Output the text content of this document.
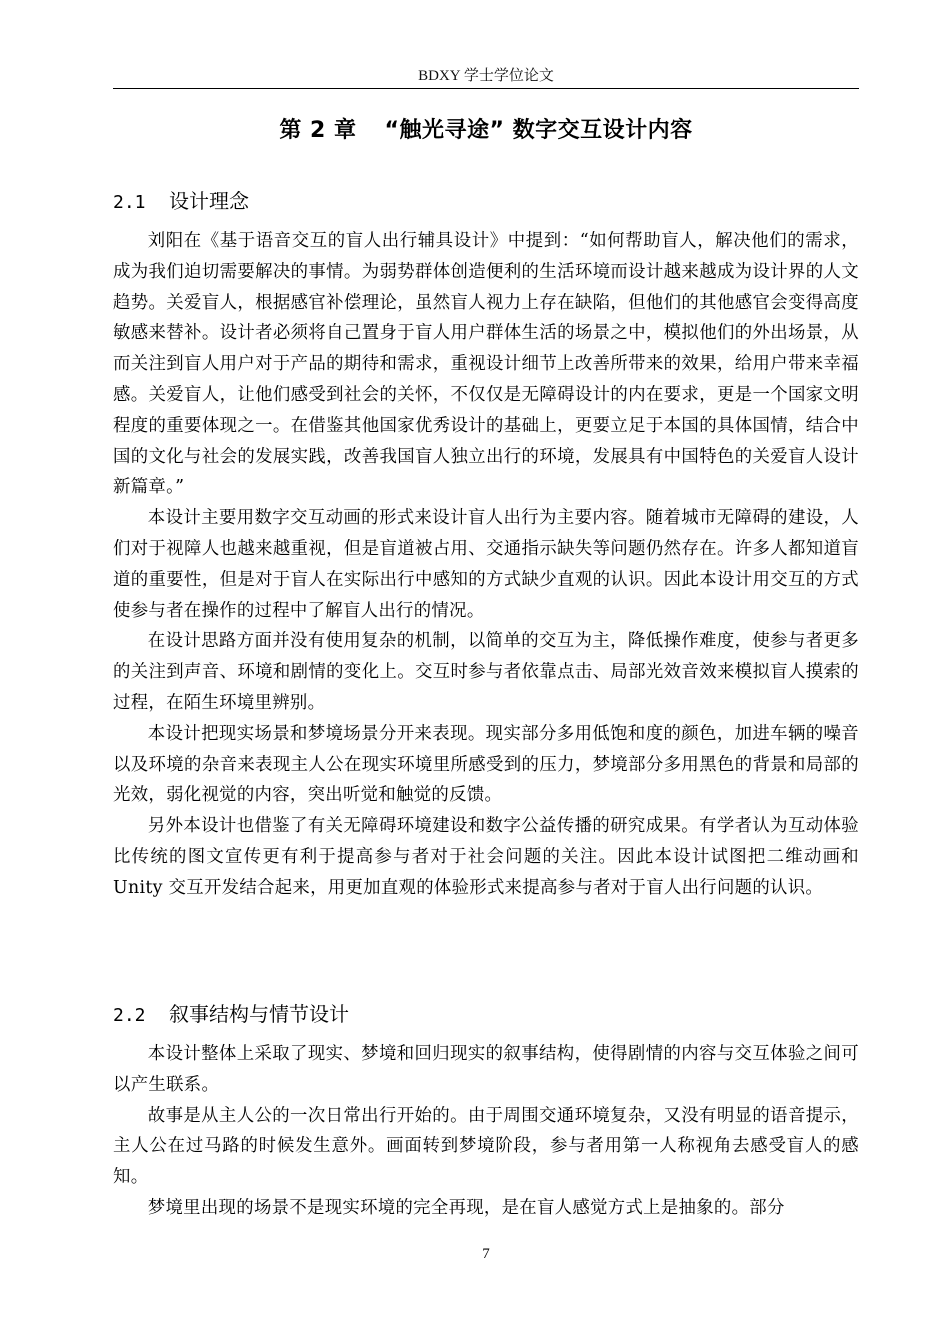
BDXY 学士学位论文
第 2 章 “触光寻途” 数字交互设计内容
2.1 设计理念

刘阳在《基于语音交互的盲人出行辅具设计》中提到：“如何帮助盲人，解决他们的需求，成为我们迫切需要解决的事情。为弱势群体创造便利的生活环境而设计越来越成为设计界的人文趋势。关爱盲人，根据感官补偿理论，虽然盲人视力上存在缺陷，但他们的其他感官会变得高度敏感来替补。设计者必须将自己置身于盲人用户群体生活的场景之中，模拟他们的外出场景，从而关注到盲人用户对于产品的期待和需求，重视设计细节上改善所带来的效果，给用户带来幸福感。关爱盲人，让他们感受到社会的关怀，不仅仅是无障碍设计的内在要求，更是一个国家文明程度的重要体现之一。在借鉴其他国家优秀设计的基础上，更要立足于本国的具体国情，结合中国的文化与社会的发展实践，改善我国盲人独立出行的环境，发展具有中国特色的关爱盲人设计新篇章。”

本设计主要用数字交互动画的形式来设计盲人出行为主要内容。随着城市无障碍的建设，人们对于视障人也越来越重视，但是盲道被占用、交通指示缺失等问题仍然存在。许多人都知道盲道的重要性，但是对于盲人在实际出行中感知的方式缺少直观的认识。因此本设计用交互的方式使参与者在操作的过程中了解盲人出行的情况。

在设计思路方面并没有使用复杂的机制，以简单的交互为主，降低操作难度，使参与者更多的关注到声音、环境和剧情的变化上。交互时参与者依靠点击、局部光效音效来模拟盲人摸索的过程，在陌生环境里辨别。

本设计把现实场景和梦境场景分开来表现。现实部分多用低饱和度的颜色，加进车辆的噪音以及环境的杂音来表现主人公在现实环境里所感受到的压力，梦境部分多用黑色的背景和局部的光效，弱化视觉的内容，突出听觉和触觉的反馈。

另外本设计也借鉴了有关无障碍环境建设和数字公益传播的研究成果。有学者认为互动体验比传统的图文宣传更有利于提高参与者对于社会问题的关注。因此本设计试图把二维动画和 Unity 交互开发结合起来，用更加直观的体验形式来提高参与者对于盲人出行问题的认识。

2.2 叙事结构与情节设计

本设计整体上采取了现实、梦境和回归现实的叙事结构，使得剧情的内容与交互体验之间可以产生联系。

故事是从主人公的一次日常出行开始的。由于周围交通环境复杂，又没有明显的语音提示，主人公在过马路的时候发生意外。画面转到梦境阶段，参与者用第一人称视角去感受盲人的感知。

梦境里出现的场景不是现实环境的完全再现，是在盲人感觉方式上是抽象的。部分

7
